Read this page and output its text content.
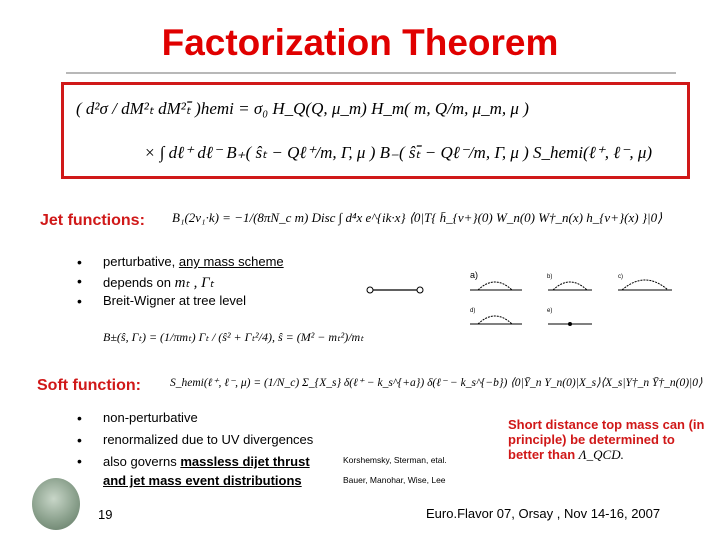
Factorization Theorem
( d²σ / dM²ₜ dM²ₜ̄ )hemi = σ₀ H_Q(Q, μ_m) H_m( m, Q/m, μ_m, μ )
× ∫ dℓ⁺ dℓ⁻ B₊( ŝₜ − Qℓ⁺/m, Γ, μ ) B₋( ŝₜ̄ − Qℓ⁻/m, Γ, μ ) S_hemi(ℓ⁺, ℓ⁻, μ)
Jet functions: B₁(2v₁·k) = −1/(8πN_c m) Disc ∫ d⁴x e^{ik·x} ⟨0|T{ h̄_{v+}(0) W_n(0) W†_n(x) h_{v+}(x) }|0⟩
• perturbative, any mass scheme
• depends on mₜ , Γₜ
• Breit-Wigner at tree level
a)	b)	c)
d)	e)
B±(ŝ, Γₜ) = (1/πmₜ) Γₜ / (ŝ² + Γₜ²/4), ŝ = (M² − mₜ²)/mₜ
Soft function:	S_hemi(ℓ⁺, ℓ⁻, μ) = (1/N_c) Σ_{X_s} δ(ℓ⁺ − k_s^{+a}) δ(ℓ⁻ − k_s^{−b}) ⟨0|Ȳ_n Y_n(0)|X_s⟩⟨X_s|Y†_n Ȳ†_n(0)|0⟩
• non-perturbative
• renormalized due to UV divergences
• also governs massless dijet thrust and jet mass event distributions
Korshemsky, Sterman, etal.
Bauer, Manohar, Wise, Lee
Short distance top mass can (in principle) be determined to better than Λ_QCD.
19	Euro.Flavor 07, Orsay , Nov 14-16, 2007
